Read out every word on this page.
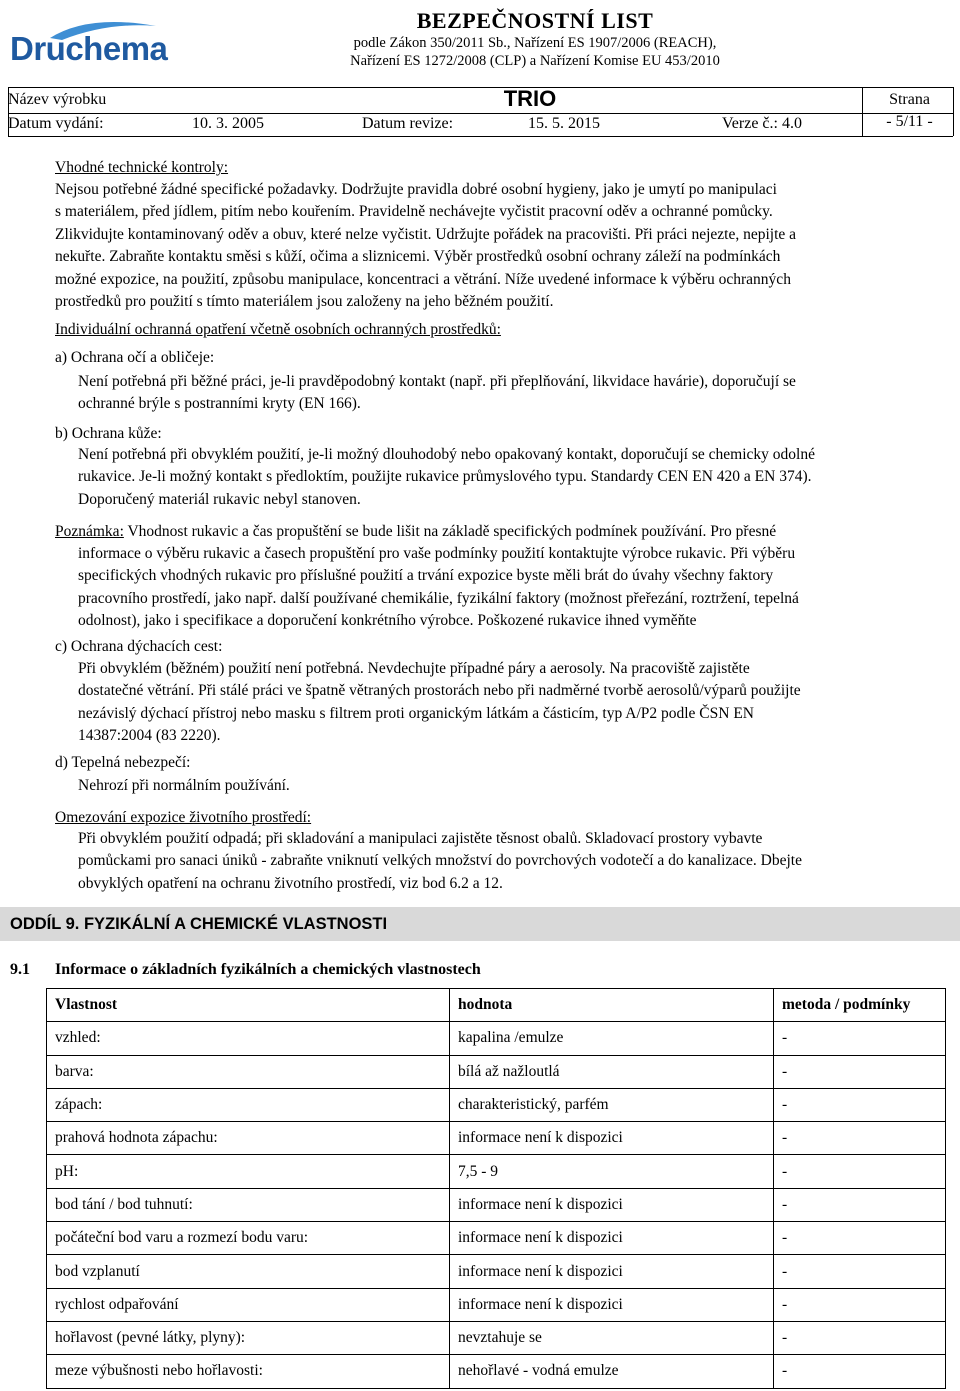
Druchema
BEZPEČNOSTNÍ LIST
podle Zákon 350/2011 Sb., Nařízení ES 1907/2006 (REACH),
Nařízení ES 1272/2008 (CLP) a Nařízení Komise EU 453/2010
Název výrobku	TRIO	Strana
Datum vydání:	10. 3. 2005	Datum revize:	15. 5. 2015	Verze č.: 4.0	- 5/11 -
Vhodné technické kontroly:
Nejsou potřebné žádné specifické požadavky. Dodržujte pravidla dobré osobní hygieny, jako je umytí po manipulaci
s materiálem, před jídlem, pitím nebo kouřením. Pravidelně nechávejte vyčistit pracovní oděv a ochranné pomůcky.
Zlikvidujte kontaminovaný oděv a obuv, které nelze vyčistit. Udržujte pořádek na pracovišti. Při práci nejezte, nepijte a
nekuřte. Zabraňte kontaktu směsi s kůží, očima a sliznicemi. Výběr prostředků osobní ochrany záleží na podmínkách
možné expozice, na použití, způsobu manipulace, koncentraci a větrání. Níže uvedené informace k výběru ochranných
prostředků pro použití s tímto materiálem jsou založeny na jeho běžném použití.
Individuální ochranná opatření včetně osobních ochranných prostředků:
a) Ochrana očí a obličeje:
Není potřebná při běžné práci, je-li pravděpodobný kontakt (např. při přeplňování, likvidace havárie), doporučují se
ochranné brýle s postranními kryty (EN 166).
b) Ochrana kůže:
Není potřebná při obvyklém použití, je-li možný dlouhodobý nebo opakovaný kontakt, doporučují se chemicky odolné
rukavice. Je-li možný kontakt s předloktím, použijte rukavice průmyslového typu. Standardy CEN EN 420 a EN 374).
Doporučený materiál rukavic nebyl stanoven.
Poznámka: Vhodnost rukavic a čas propuštění se bude lišit na základě specifických podmínek používání. Pro přesné
informace o výběru rukavic a časech propuštění pro vaše podmínky použití kontaktujte výrobce rukavic. Při výběru
specifických vhodných rukavic pro příslušné použití a trvání expozice byste měli brát do úvahy všechny faktory
pracovního prostředí, jako např. další používané chemikálie, fyzikální faktory (možnost přeřezání, roztržení, tepelná
odolnost), jako i specifikace a doporučení konkrétního výrobce. Poškozené rukavice ihned vyměňte
c) Ochrana dýchacích cest:
Při obvyklém (běžném) použití není potřebná. Nevdechujte případné páry a aerosoly. Na pracoviště zajistěte
dostatečné větrání. Při stálé práci ve špatně větraných prostorách nebo při nadměrné tvorbě aerosolů/výparů použijte
nezávislý dýchací přístroj nebo masku s filtrem proti organickým látkám a částicím, typ A/P2 podle ČSN EN
14387:2004 (83 2220).
d) Tepelná nebezpečí:
Nehrozí při normálním používání.
Omezování expozice životního prostředí:
Při obvyklém použití odpadá; při skladování a manipulaci zajistěte těsnost obalů. Skladovací prostory vybavte
pomůckami pro sanaci úniků - zabraňte vniknutí velkých množství do povrchových vodotečí a do kanalizace. Dbejte
obvyklých opatření na ochranu životního prostředí, viz bod 6.2 a 12.
ODDÍL 9. FYZIKÁLNÍ A CHEMICKÉ VLASTNOSTI
9.1 Informace o základních fyzikálních a chemických vlastnostech
Vlastnost	hodnota	metoda / podmínky
vzhled:	kapalina /emulze	-
barva:	bílá až nažloutlá	-
zápach:	charakteristický, parfém	-
prahová hodnota zápachu:	informace není k dispozici	-
pH:	7,5 - 9	-
bod tání / bod tuhnutí:	informace není k dispozici	-
počáteční bod varu a rozmezí bodu varu:	informace není k dispozici	-
bod vzplanutí	informace není k dispozici	-
rychlost odpařování	informace není k dispozici	-
hořlavost (pevné látky, plyny):	nevztahuje se	-
meze výbušnosti nebo hořlavosti:	nehořlavé - vodná emulze	-
